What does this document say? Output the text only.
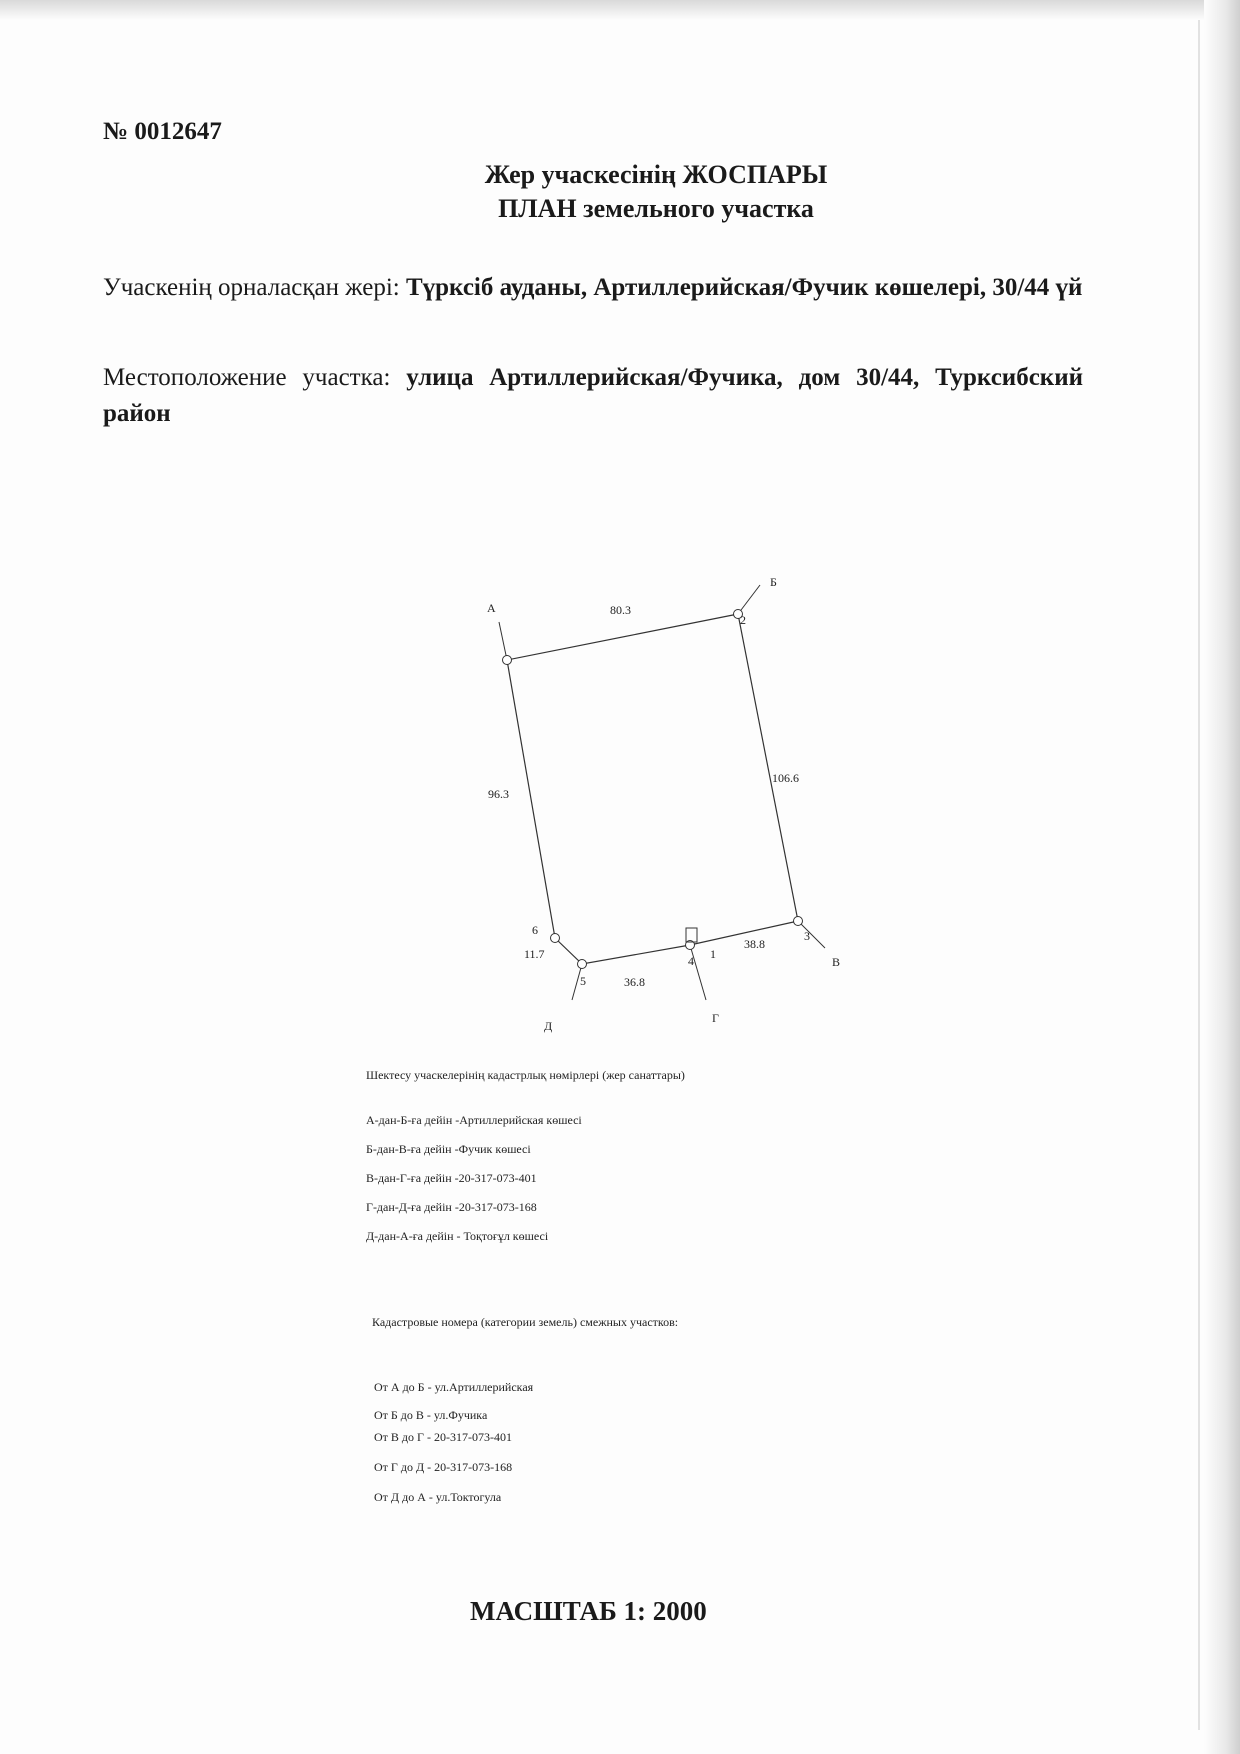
№ 0012647
Жер учаскесінің ЖОСПАРЫ
ПЛАН земельного участка
Учаскенің орналасқан жері: Түрксіб ауданы, Артиллерийская/Фучик көшелері, 30/44 үй
Местоположение участка: улица Артиллерийская/Фучика, дом 30/44, Турксибский район
А
Б
В
Г
Д
1
2
3
4
5
6
80.3
106.6
38.8
36.8
11.7
96.3
Шектесу учаскелерінің кадастрлық нөмірлері (жер санаттары)
А-дан-Б-ға дейін -Артиллерийская көшесі
Б-дан-В-ға дейін -Фучик көшесі
В-дан-Г-ға дейін -20-317-073-401
Г-дан-Д-ға дейін -20-317-073-168
Д-дан-А-ға дейін - Тоқтоғұл көшесі
Кадастровые номера (категории земель) смежных участков:
От А до Б - ул.Артиллерийская
От Б до В - ул.Фучика
От В до Г - 20-317-073-401
От Г до Д - 20-317-073-168
От Д до А - ул.Токтогула
МАСШТАБ 1: 2000
